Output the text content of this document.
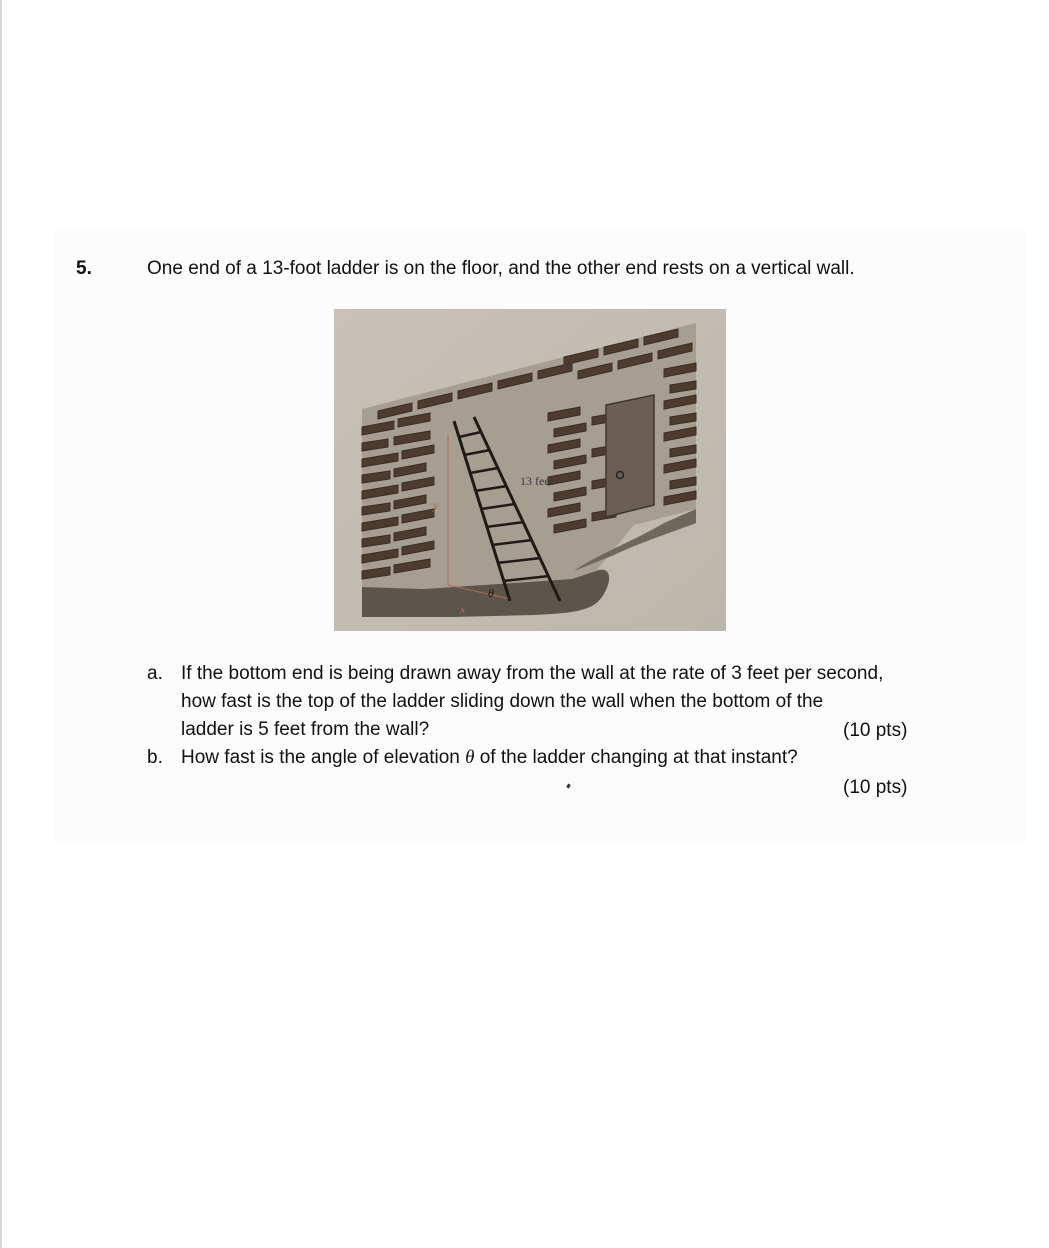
5.	One end of a 13-foot ladder is on the floor, and the other end rests on a vertical wall.
13 feet
y
x
θ
a. If the bottom end is being drawn away from the wall at the rate of 3 feet per second,
how fast is the top of the ladder sliding down the wall when the bottom of the
ladder is 5 feet from the wall?	(10 pts)
b. How fast is the angle of elevation θ of the ladder changing at that instant?
(10 pts)
